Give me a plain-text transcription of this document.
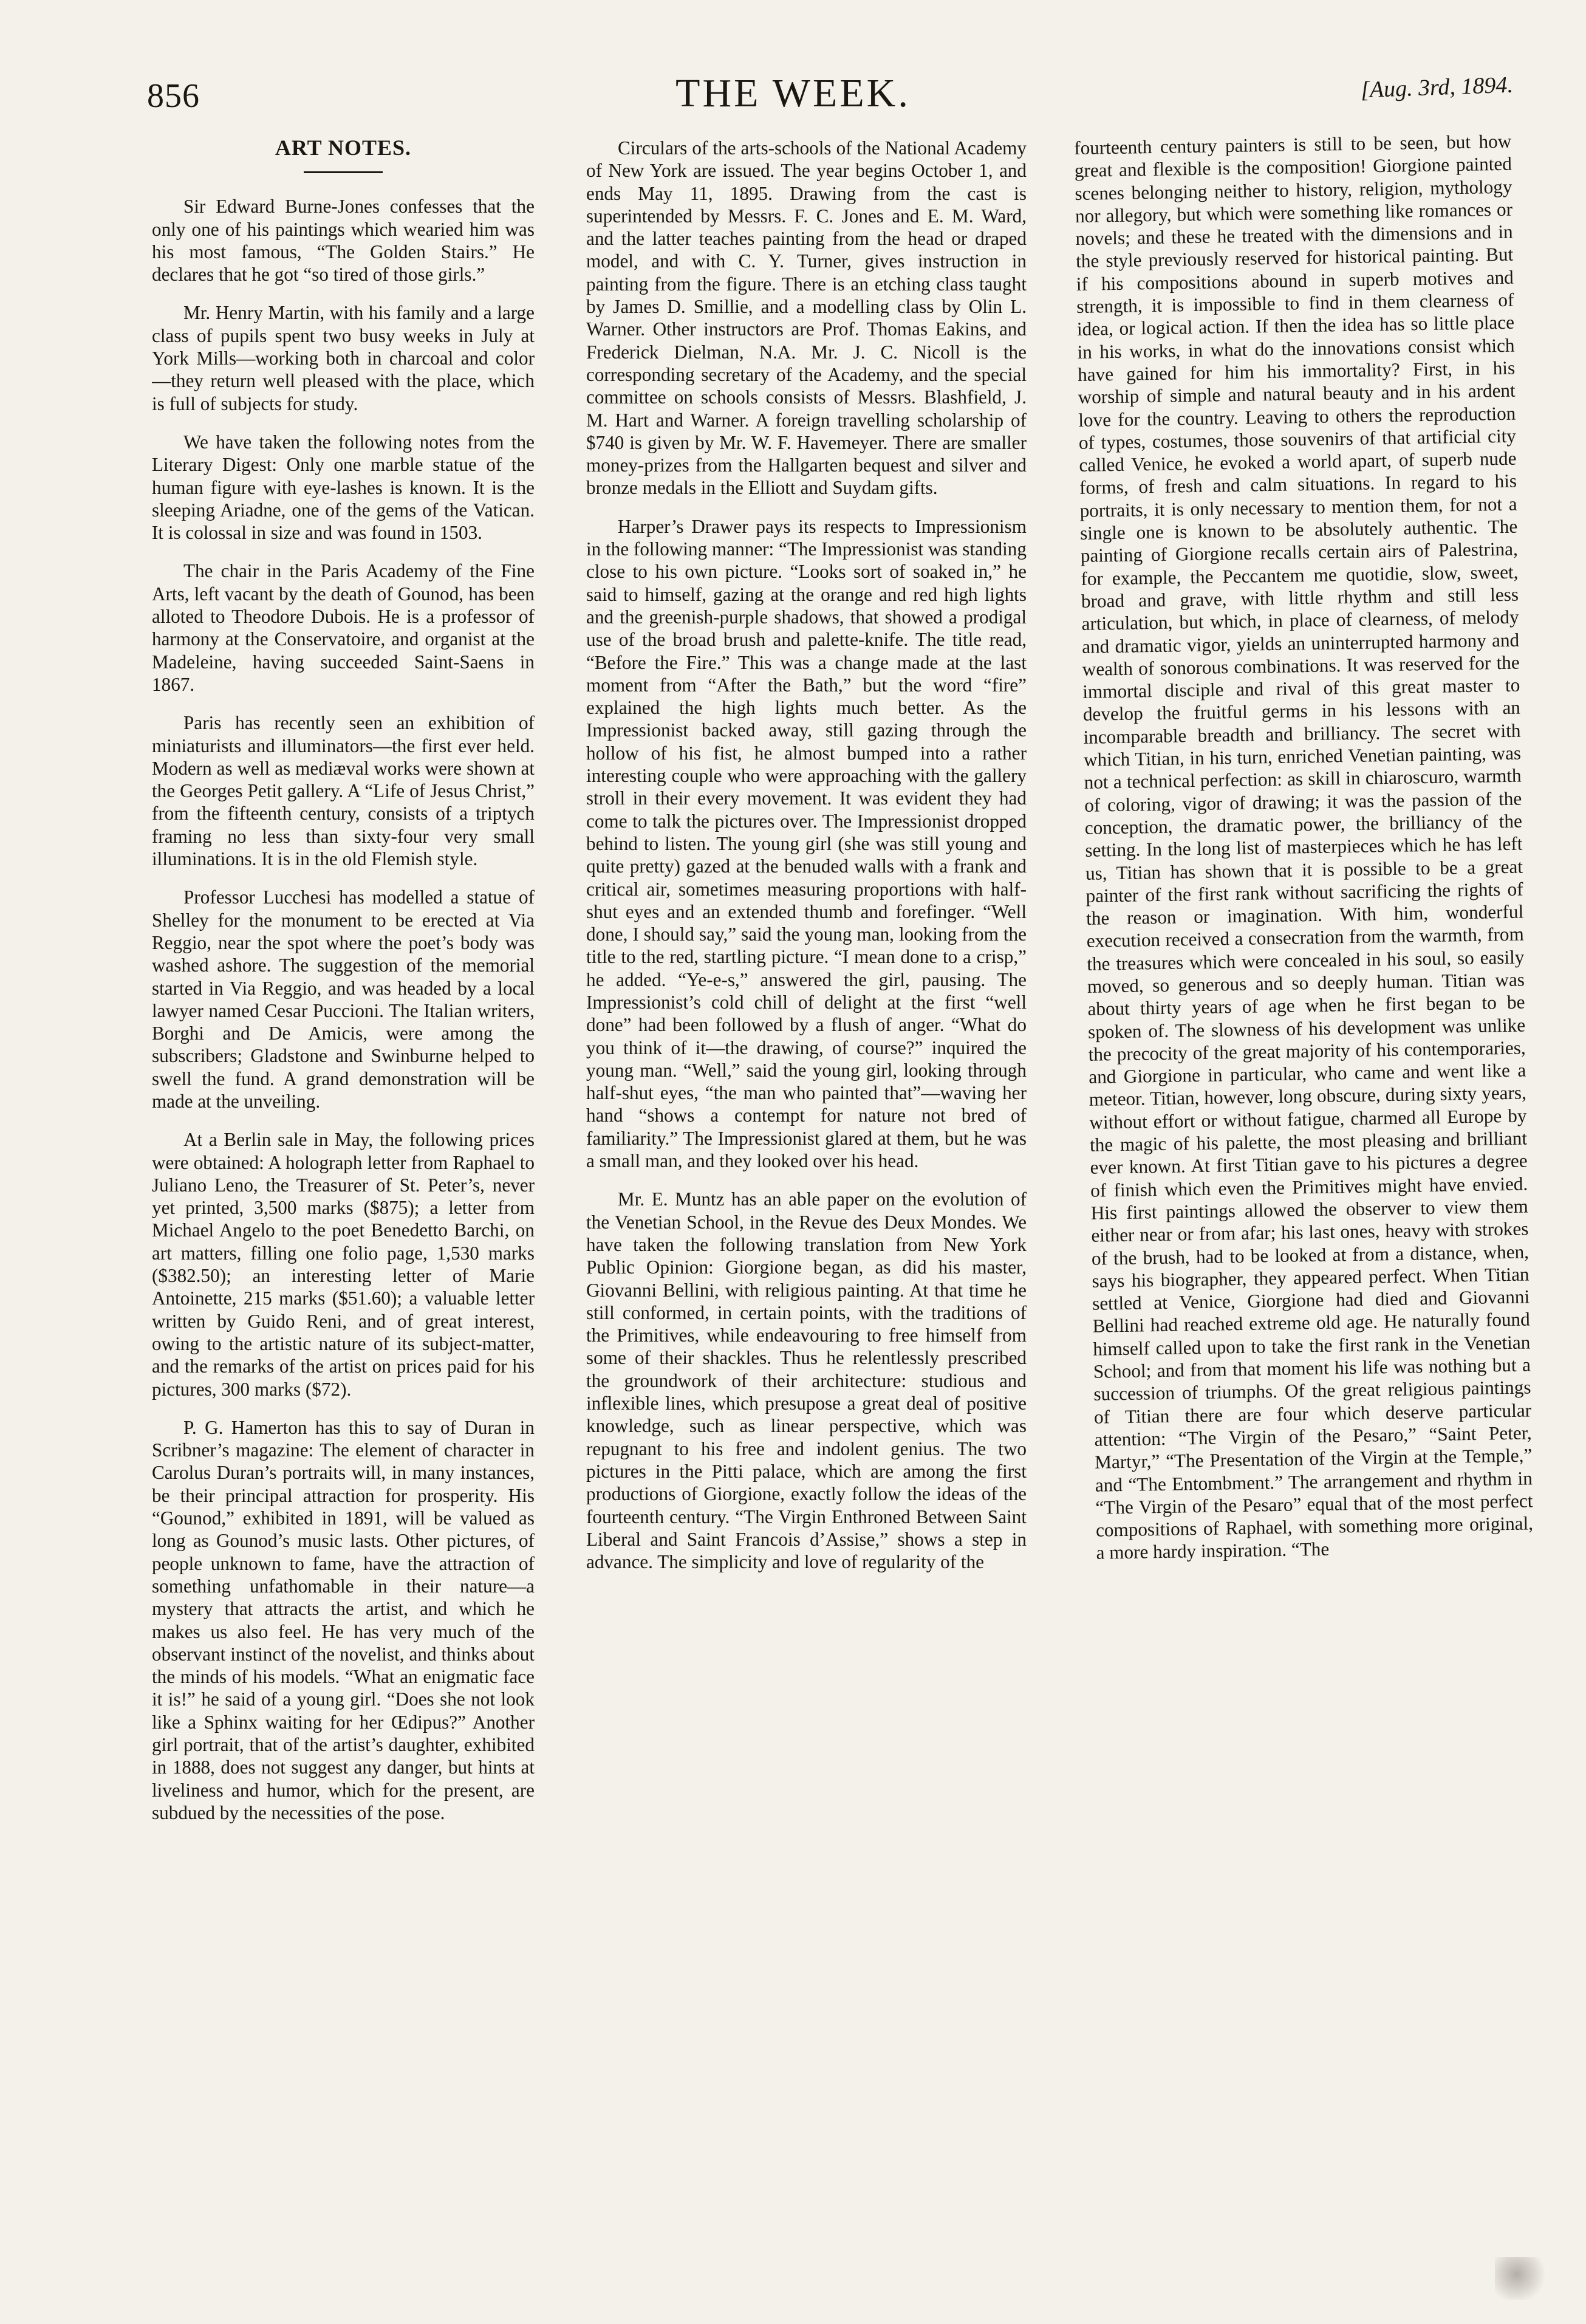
856	THE WEEK.	[Aug. 3rd, 1894.
ART NOTES.

Sir Edward Burne-Jones confesses that the only one of his paintings which wearied him was his most famous, “The Golden Stairs.” He declares that he got “so tired of those girls.”

Mr. Henry Martin, with his family and a large class of pupils spent two busy weeks in July at York Mills—working both in charcoal and color—they return well pleased with the place, which is full of subjects for study.

We have taken the following notes from the Literary Digest: Only one marble statue of the human figure with eye-lashes is known. It is the sleeping Ariadne, one of the gems of the Vatican. It is colossal in size and was found in 1503.

The chair in the Paris Academy of the Fine Arts, left vacant by the death of Gounod, has been alloted to Theodore Dubois. He is a professor of harmony at the Conservatoire, and organist at the Madeleine, having succeeded Saint-Saens in 1867.

Paris has recently seen an exhibition of miniaturists and illuminators—the first ever held. Modern as well as mediæval works were shown at the Georges Petit gallery. A “Life of Jesus Christ,” from the fifteenth century, consists of a triptych framing no less than sixty-four very small illuminations. It is in the old Flemish style.

Professor Lucchesi has modelled a statue of Shelley for the monument to be erected at Via Reggio, near the spot where the poet’s body was washed ashore. The suggestion of the memorial started in Via Reggio, and was headed by a local lawyer named Cesar Puccioni. The Italian writers, Borghi and De Amicis, were among the subscribers; Gladstone and Swinburne helped to swell the fund. A grand demonstration will be made at the unveiling.

At a Berlin sale in May, the following prices were obtained: A holograph letter from Raphael to Juliano Leno, the Treasurer of St. Peter’s, never yet printed, 3,500 marks ($875); a letter from Michael Angelo to the poet Benedetto Barchi, on art matters, filling one folio page, 1,530 marks ($382.50); an interesting letter of Marie Antoinette, 215 marks ($51.60); a valuable letter written by Guido Reni, and of great interest, owing to the artistic nature of its subject-matter, and the remarks of the artist on prices paid for his pictures, 300 marks ($72).

P. G. Hamerton has this to say of Duran in Scribner’s magazine: The element of character in Carolus Duran’s portraits will, in many instances, be their principal attraction for prosperity. His “Gounod,” exhibited in 1891, will be valued as long as Gounod’s music lasts. Other pictures, of people unknown to fame, have the attraction of something unfathomable in their nature—a mystery that attracts the artist, and which he makes us also feel. He has very much of the observant instinct of the novelist, and thinks about the minds of his models. “What an enigmatic face it is!” he said of a young girl. “Does she not look like a Sphinx waiting for her Œdipus?” Another girl portrait, that of the artist’s daughter, exhibited in 1888, does not suggest any danger, but hints at liveliness and humor, which for the present, are subdued by the necessities of the pose.

Circulars of the arts-schools of the National Academy of New York are issued. The year begins October 1, and ends May 11, 1895. Drawing from the cast is superintended by Messrs. F. C. Jones and E. M. Ward, and the latter teaches painting from the head or draped model, and with C. Y. Turner, gives instruction in painting from the figure. There is an etching class taught by James D. Smillie, and a modelling class by Olin L. Warner. Other instructors are Prof. Thomas Eakins, and Frederick Dielman, N.A. Mr. J. C. Nicoll is the corresponding secretary of the Academy, and the special committee on schools consists of Messrs. Blashfield, J. M. Hart and Warner. A foreign travelling scholarship of $740 is given by Mr. W. F. Havemeyer. There are smaller money-prizes from the Hallgarten bequest and silver and bronze medals in the Elliott and Suydam gifts.

Harper’s Drawer pays its respects to Impressionism in the following manner: “The Impressionist was standing close to his own picture. “Looks sort of soaked in,” he said to himself, gazing at the orange and red high lights and the greenish-purple shadows, that showed a prodigal use of the broad brush and palette-knife. The title read, “Before the Fire.” This was a change made at the last moment from “After the Bath,” but the word “fire” explained the high lights much better. As the Impressionist backed away, still gazing through the hollow of his fist, he almost bumped into a rather interesting couple who were approaching with the gallery stroll in their every movement. It was evident they had come to talk the pictures over. The Impressionist dropped behind to listen. The young girl (she was still young and quite pretty) gazed at the benuded walls with a frank and critical air, sometimes measuring proportions with half-shut eyes and an extended thumb and forefinger. “Well done, I should say,” said the young man, looking from the title to the red, startling picture. “I mean done to a crisp,” he added. “Ye-e-s,” answered the girl, pausing. The Impressionist’s cold chill of delight at the first “well done” had been followed by a flush of anger. “What do you think of it—the drawing, of course?” inquired the young man. “Well,” said the young girl, looking through half-shut eyes, “the man who painted that”—waving her hand “shows a contempt for nature not bred of familiarity.” The Impressionist glared at them, but he was a small man, and they looked over his head.

Mr. E. Muntz has an able paper on the evolution of the Venetian School, in the Revue des Deux Mondes. We have taken the following translation from New York Public Opinion: Giorgione began, as did his master, Giovanni Bellini, with religious painting. At that time he still conformed, in certain points, with the traditions of the Primitives, while endeavouring to free himself from some of their shackles. Thus he relentlessly prescribed the groundwork of their architecture: studious and inflexible lines, which presupose a great deal of positive knowledge, such as linear perspective, which was repugnant to his free and indolent genius. The two pictures in the Pitti palace, which are among the first productions of Giorgione, exactly follow the ideas of the fourteenth century. “The Virgin Enthroned Between Saint Liberal and Saint Francois d’Assise,” shows a step in advance. The simplicity and love of regularity of the

fourteenth century painters is still to be seen, but how great and flexible is the composition! Giorgione painted scenes belonging neither to history, religion, mythology nor allegory, but which were something like romances or novels; and these he treated with the dimensions and in the style previously reserved for historical painting. But if his compositions abound in superb motives and strength, it is impossible to find in them clearness of idea, or logical action. If then the idea has so little place in his works, in what do the innovations consist which have gained for him his immortality? First, in his worship of simple and natural beauty and in his ardent love for the country. Leaving to others the reproduction of types, costumes, those souvenirs of that artificial city called Venice, he evoked a world apart, of superb nude forms, of fresh and calm situations. In regard to his portraits, it is only necessary to mention them, for not a single one is known to be absolutely authentic. The painting of Giorgione recalls certain airs of Palestrina, for example, the Peccantem me quotidie, slow, sweet, broad and grave, with little rhythm and still less articulation, but which, in place of clearness, of melody and dramatic vigor, yields an uninterrupted harmony and wealth of sonorous combinations. It was reserved for the immortal disciple and rival of this great master to develop the fruitful germs in his lessons with an incomparable breadth and brilliancy. The secret with which Titian, in his turn, enriched Venetian painting, was not a technical perfection: as skill in chiaroscuro, warmth of coloring, vigor of drawing; it was the passion of the conception, the dramatic power, the brilliancy of the setting. In the long list of masterpieces which he has left us, Titian has shown that it is possible to be a great painter of the first rank without sacrificing the rights of the reason or imagination. With him, wonderful execution received a consecration from the warmth, from the treasures which were concealed in his soul, so easily moved, so generous and so deeply human. Titian was about thirty years of age when he first began to be spoken of. The slowness of his development was unlike the precocity of the great majority of his contemporaries, and Giorgione in particular, who came and went like a meteor. Titian, however, long obscure, during sixty years, without effort or without fatigue, charmed all Europe by the magic of his palette, the most pleasing and brilliant ever known. At first Titian gave to his pictures a degree of finish which even the Primitives might have envied. His first paintings allowed the observer to view them either near or from afar; his last ones, heavy with strokes of the brush, had to be looked at from a distance, when, says his biographer, they appeared perfect. When Titian settled at Venice, Giorgione had died and Giovanni Bellini had reached extreme old age. He naturally found himself called upon to take the first rank in the Venetian School; and from that moment his life was nothing but a succession of triumphs. Of the great religious paintings of Titian there are four which deserve particular attention: “The Virgin of the Pesaro,” “Saint Peter, Martyr,” “The Presentation of the Virgin at the Temple,” and “The Entombment.” The arrangement and rhythm in “The Virgin of the Pesaro” equal that of the most perfect compositions of Raphael, with something more original, a more hardy inspiration. “The
